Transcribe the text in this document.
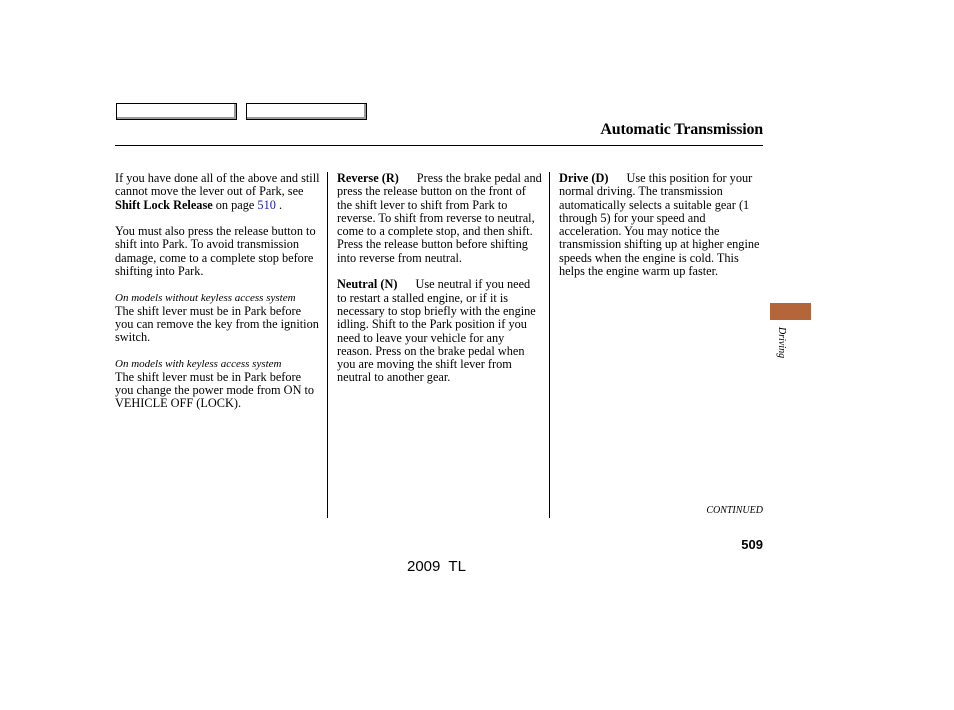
Automatic Transmission

If you have done all of the above and still cannot move the lever out of Park, see Shift Lock Release on page 510 .

You must also press the release button to shift into Park. To avoid transmission damage, come to a complete stop before shifting into Park.

On models without keyless access system

The shift lever must be in Park before you can remove the key from the ignition switch.

On models with keyless access system

The shift lever must be in Park before you change the power mode from ON to VEHICLE OFF (LOCK).

Reverse (R) Press the brake pedal and press the release button on the front of the shift lever to shift from Park to reverse. To shift from reverse to neutral, come to a complete stop, and then shift. Press the release button before shifting into reverse from neutral.

Neutral (N) Use neutral if you need to restart a stalled engine, or if it is necessary to stop briefly with the engine idling. Shift to the Park position if you need to leave your vehicle for any reason. Press on the brake pedal when you are moving the shift lever from neutral to another gear.

Drive (D) Use this position for your normal driving. The transmission automatically selects a suitable gear (1 through 5) for your speed and acceleration. You may notice the transmission shifting up at higher engine speeds when the engine is cold. This helps the engine warm up faster.

Driving
CONTINUED
509
2009  TL
